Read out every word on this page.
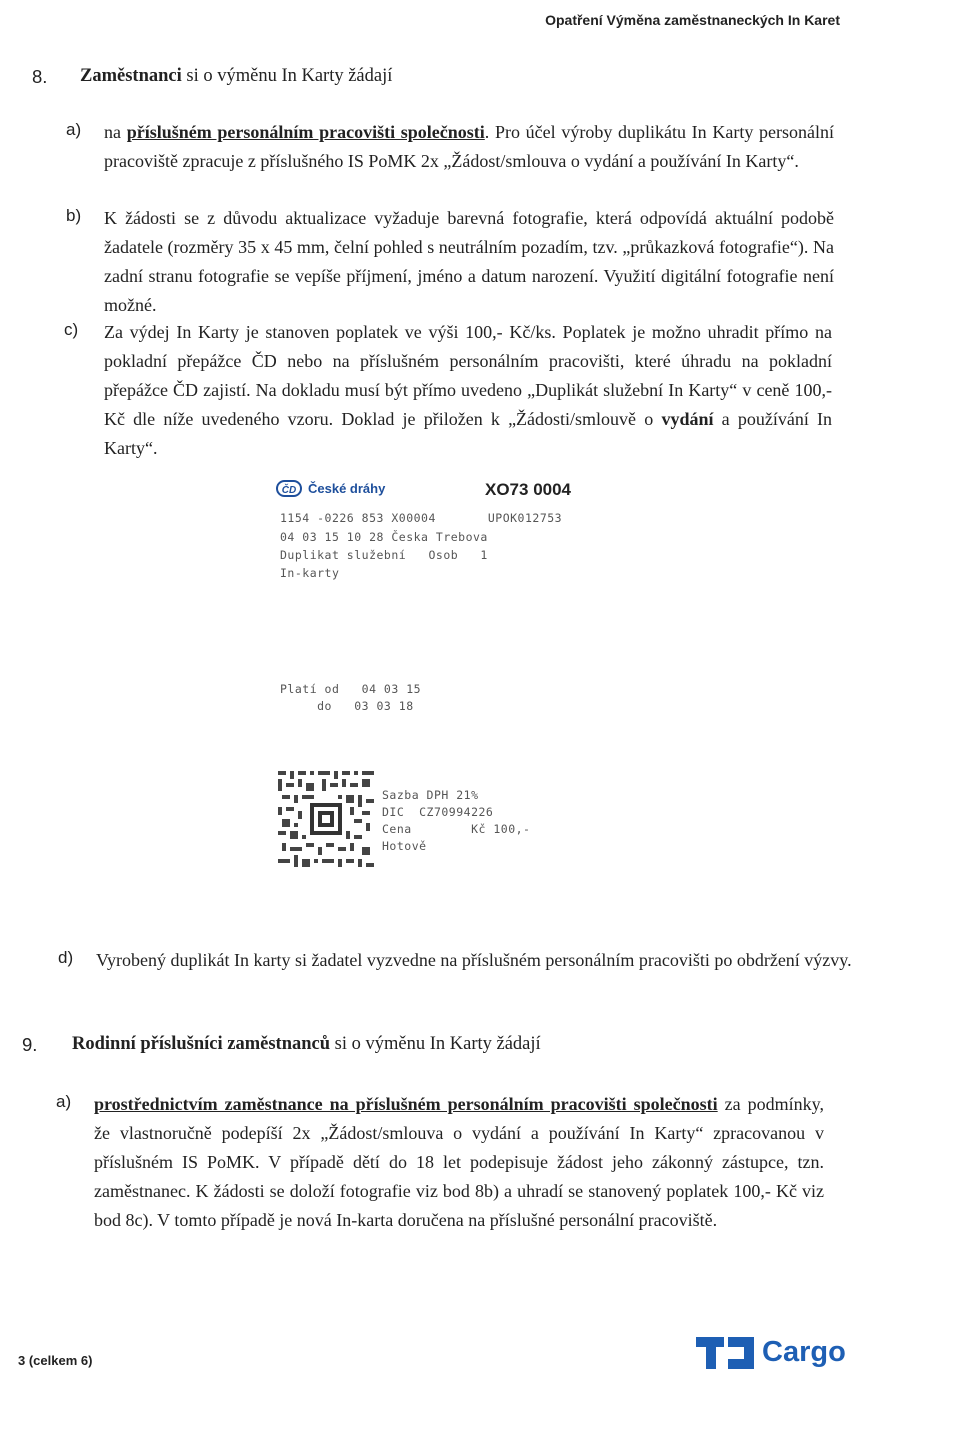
Opatření Výměna zaměstnaneckých In Karet
8. Zaměstnanci si o výměnu In Karty žádají
a) na příslušném personálním pracovišti společnosti. Pro účel výroby duplikátu In Karty personální pracoviště zpracuje z příslušného IS PoMK 2x „Žádost/smlouva o vydání a používání In Karty“.
b) K žádosti se z důvodu aktualizace vyžaduje barevná fotografie, která odpovídá aktuální podobě žadatele (rozměry 35 x 45 mm, čelní pohled s neutrálním pozadím, tzv. „průkazková fotografie“). Na zadní stranu fotografie se vepíše příjmení, jméno a datum narození. Využití digitální fotografie není možné.
c) Za výdej In Karty je stanoven poplatek ve výši 100,- Kč/ks. Poplatek je možno uhradit přímo na pokladní přepážce ČD nebo na příslušném personálním pracovišti, které úhradu na pokladní přepážce ČD zajistí. Na dokladu musí být přímo uvedeno „Duplikát služební In Karty“ v ceně 100,- Kč dle níže uvedeného vzoru. Doklad je přiložen k „Žádosti/smlouvě o vydání a používání In Karty“.
ČD České dráhy	XO73 0004
1154 -0226 853 X00004       UPOK012753
04 03 15 10 28 Česka Trebova
Duplikat služební   Osob   1
In-karty
Platí od   04 03 15
do   03 03 18
Sazba DPH 21%
DIC  CZ70994226
Cena        Kč 100,-
Hotově
d) Vyrobený duplikát In karty si žadatel vyzvedne na příslušném personálním pracovišti po obdržení výzvy.
9. Rodinní příslušníci zaměstnanců si o výměnu In Karty žádají
a) prostřednictvím zaměstnance na příslušném personálním pracovišti společnosti za podmínky, že vlastnoručně podepíší 2x „Žádost/smlouva o vydání a používání In Karty“ zpracovanou v příslušném IS PoMK. V případě dětí do 18 let podepisuje žádost jeho zákonný zástupce, tzn. zaměstnanec. K žádosti se doloží fotografie viz bod 8b) a uhradí se stanovený poplatek 100,- Kč viz bod 8c). V tomto případě je nová In-karta doručena na příslušné personální pracoviště.
3 (celkem 6)	Cargo
